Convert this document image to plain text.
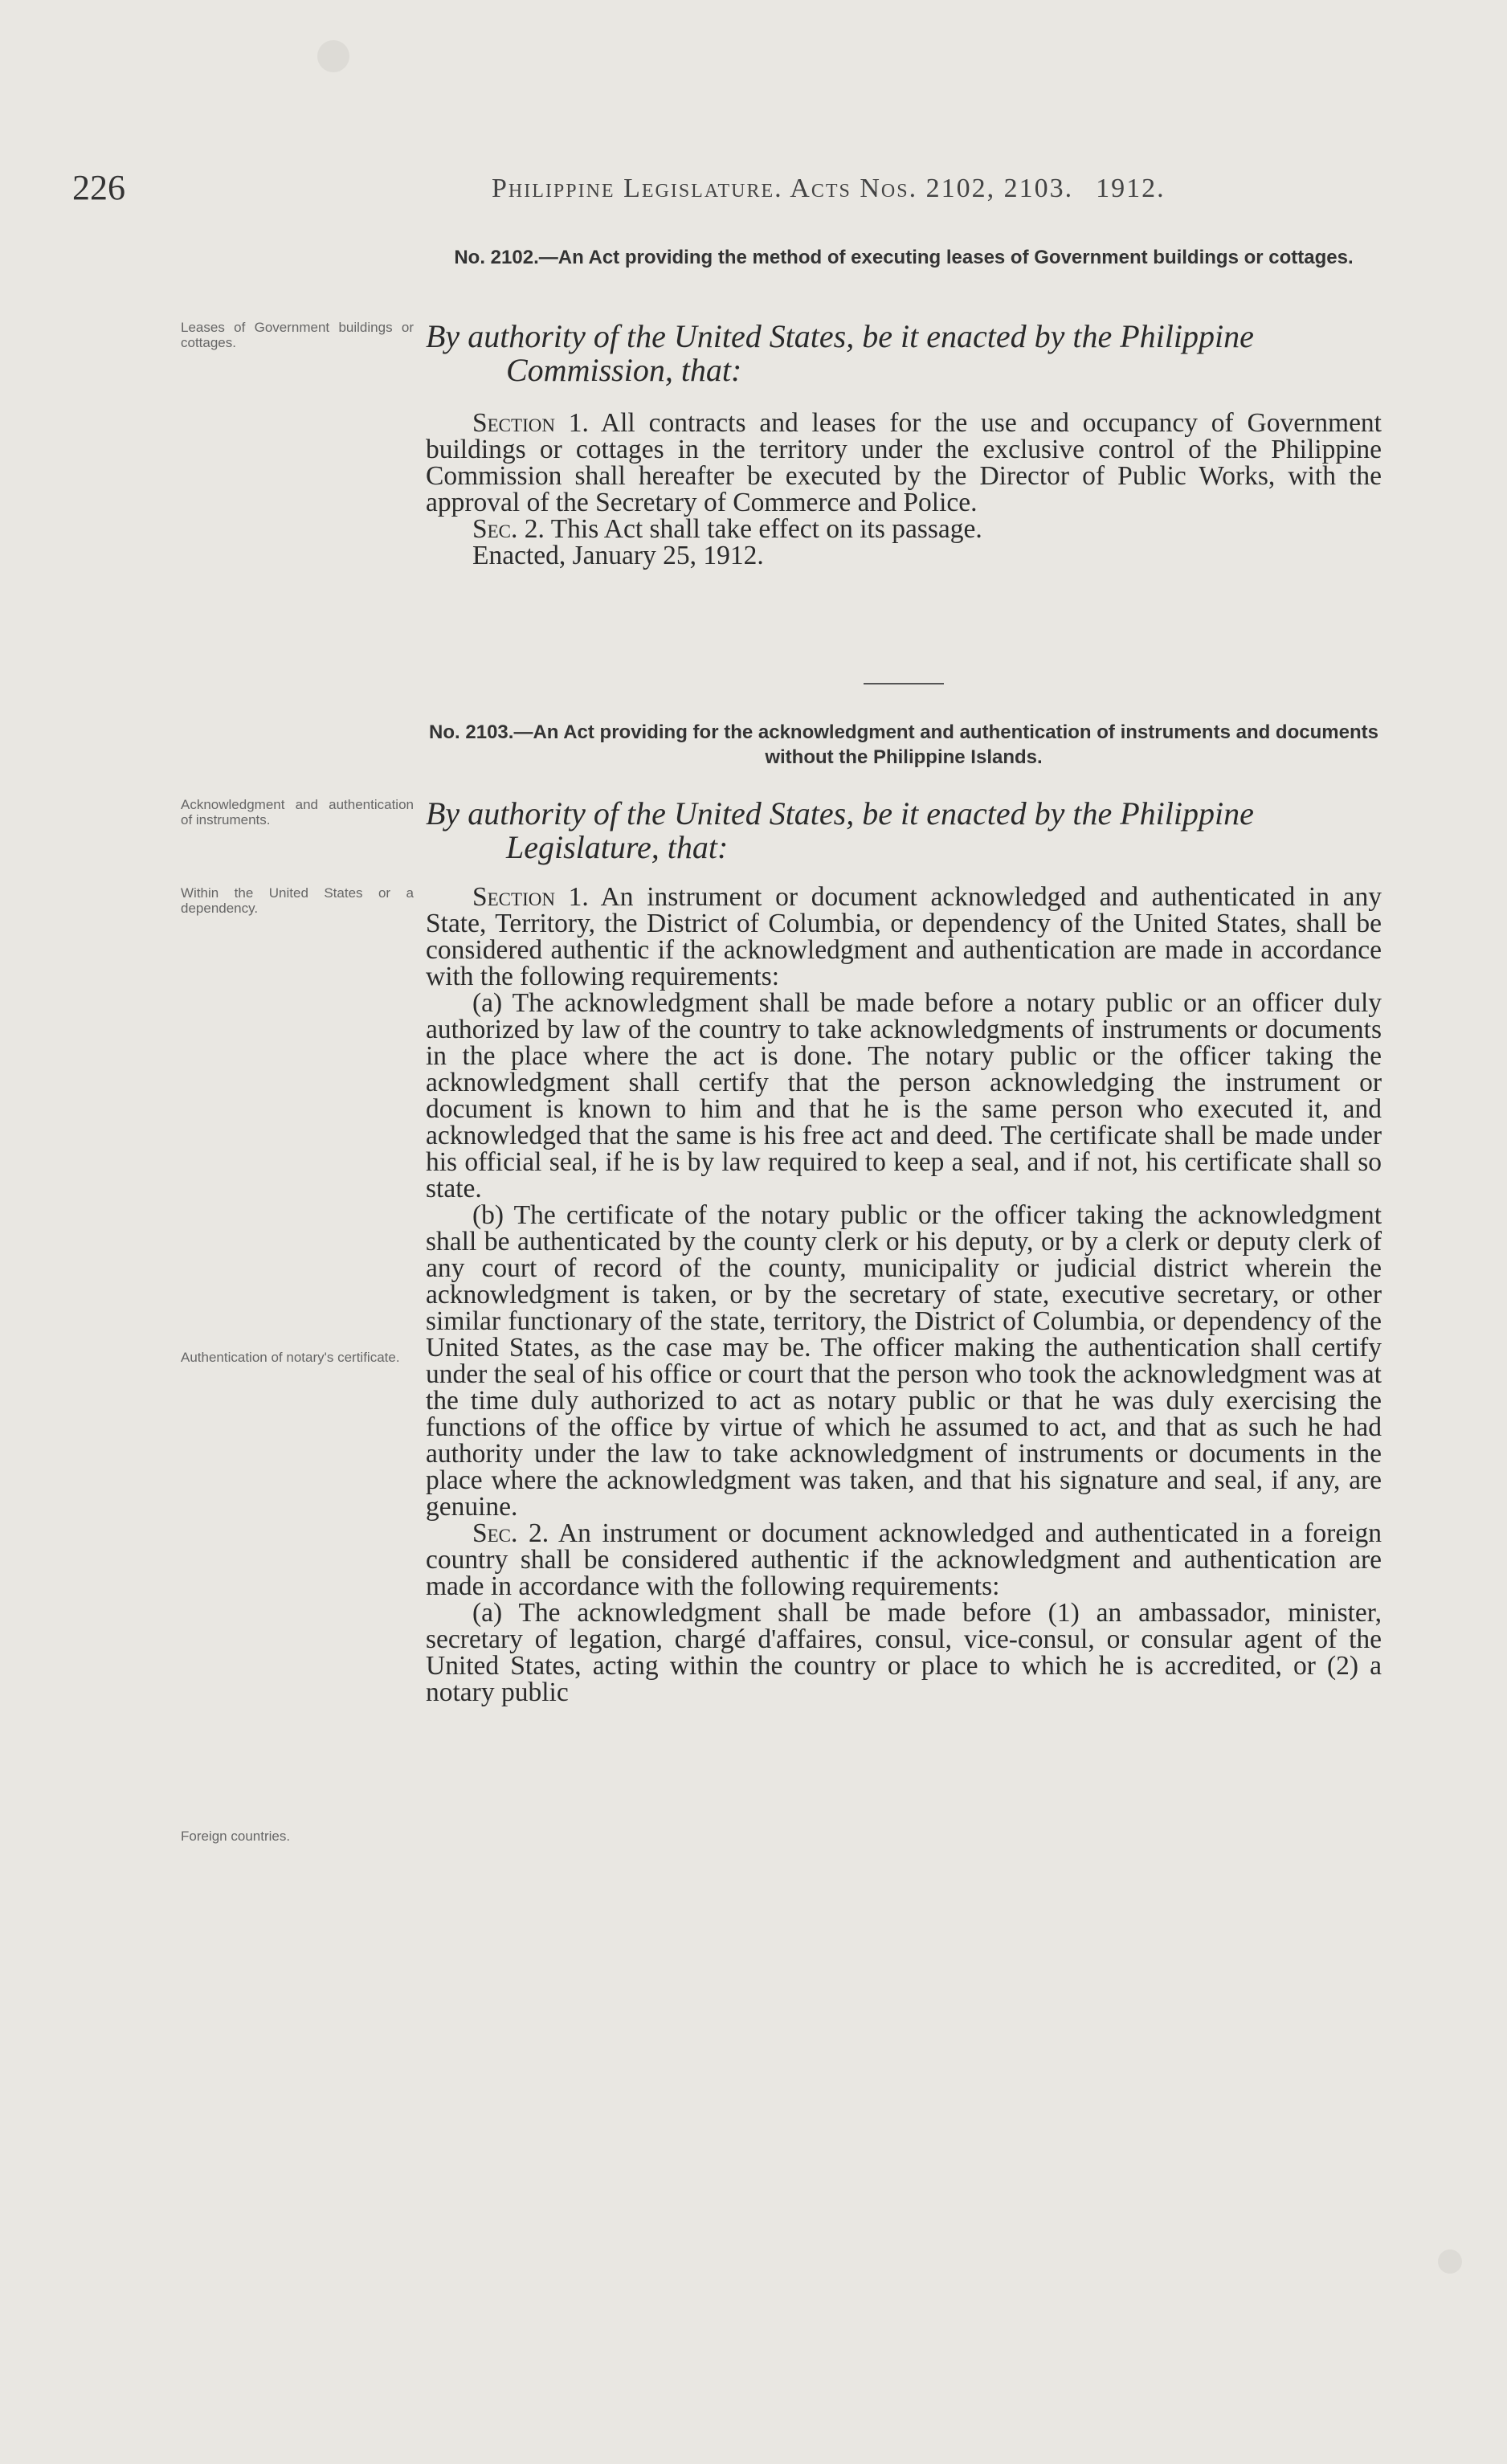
226	Philippine Legislature. Acts Nos. 2102, 2103. 1912.
No. 2102.—An Act providing the method of executing leases of Government buildings or cottages.
Leases of Government buildings or cottages.	By authority of the United States, be it enacted by the Philippine
Commission, that:

Section 1. All contracts and leases for the use and occupancy of Government buildings or cottages in the territory under the exclusive control of the Philippine Commission shall hereafter be executed by the Director of Public Works, with the approval of the Secretary of Commerce and Police.

Sec. 2. This Act shall take effect on its passage.

Enacted, January 25, 1912.

No. 2103.—An Act providing for the acknowledgment and authentication of instruments and documents without the Philippine Islands.
Acknowledgment and authentication of instruments.	By authority of the United States, be it enacted by the Philippine
Legislature, that:
Within the United States or a dependency.
Authentication of notary's certificate.
Foreign countries.

Section 1. An instrument or document acknowledged and authenticated in any State, Territory, the District of Columbia, or dependency of the United States, shall be considered authentic if the acknowledgment and authentication are made in accordance with the following requirements:

(a) The acknowledgment shall be made before a notary public or an officer duly authorized by law of the country to take acknowledgments of instruments or documents in the place where the act is done. The notary public or the officer taking the acknowledgment shall certify that the person acknowledging the instrument or document is known to him and that he is the same person who executed it, and acknowledged that the same is his free act and deed. The certificate shall be made under his official seal, if he is by law required to keep a seal, and if not, his certificate shall so state.

(b) The certificate of the notary public or the officer taking the acknowledgment shall be authenticated by the county clerk or his deputy, or by a clerk or deputy clerk of any court of record of the county, municipality or judicial district wherein the acknowledgment is taken, or by the secretary of state, executive secretary, or other similar functionary of the state, territory, the District of Columbia, or dependency of the United States, as the case may be. The officer making the authentication shall certify under the seal of his office or court that the person who took the acknowledgment was at the time duly authorized to act as notary public or that he was duly exercising the functions of the office by virtue of which he assumed to act, and that as such he had authority under the law to take acknowledgment of instruments or documents in the place where the acknowledgment was taken, and that his signature and seal, if any, are genuine.

Sec. 2. An instrument or document acknowledged and authenticated in a foreign country shall be considered authentic if the acknowledgment and authentication are made in accordance with the following requirements:

(a) The acknowledgment shall be made before (1) an ambassador, minister, secretary of legation, chargé d'affaires, consul, vice-consul, or consular agent of the United States, acting within the country or place to which he is accredited, or (2) a notary public
